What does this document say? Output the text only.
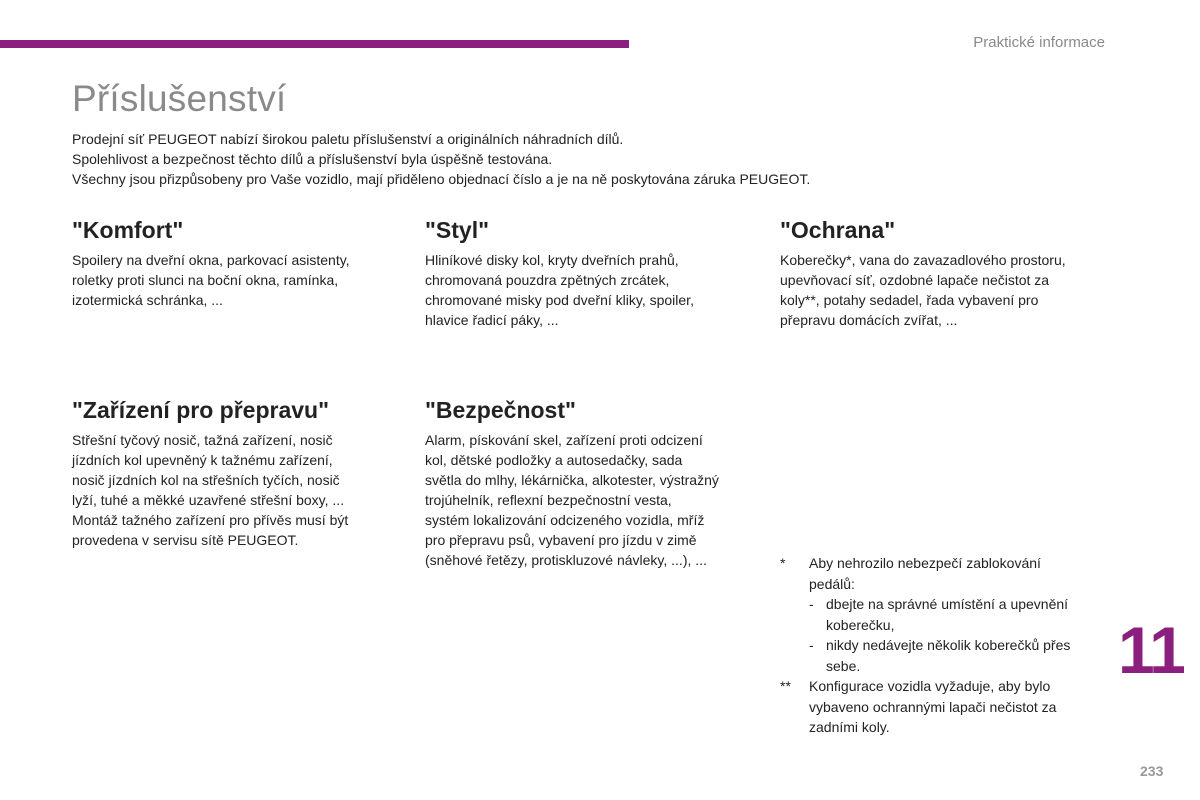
Praktické informace
Příslušenství

Prodejní síť PEUGEOT nabízí širokou paletu příslušenství a originálních náhradních dílů.

Spolehlivost a bezpečnost těchto dílů a příslušenství byla úspěšně testována.

Všechny jsou přizpůsobeny pro Vaše vozidlo, mají přiděleno objednací číslo a je na ně poskytována záruka PEUGEOT.

"Komfort"
Spoilery na dveřní okna, parkovací asistenty,
roletky proti slunci na boční okna, ramínka,
izotermická schránka, ...
"Styl"
Hliníkové disky kol, kryty dveřních prahů,
chromovaná pouzdra zpětných zrcátek,
chromované misky pod dveřní kliky, spoiler,
hlavice řadicí páky, ...
"Ochrana"
Koberečky*, vana do zavazadlového prostoru,
upevňovací síť, ozdobné lapače nečistot za
koly**, potahy sedadel, řada vybavení pro
přepravu domácích zvířat, ...
"Zařízení pro přepravu"
Střešní tyčový nosič, tažná zařízení, nosič
jízdních kol upevněný k tažnému zařízení,
nosič jízdních kol na střešních tyčích, nosič
lyží, tuhé a měkké uzavřené střešní boxy, ...
Montáž tažného zařízení pro přívěs musí být
provedena v servisu sítě PEUGEOT.
"Bezpečnost"
Alarm, pískování skel, zařízení proti odcizení
kol, dětské podložky a autosedačky, sada
světla do mlhy, lékárnička, alkotester, výstražný
trojúhelník, reflexní bezpečnostní vesta,
systém lokalizování odcizeného vozidla, mříž
pro přepravu psů, vybavení pro jízdu v zimě
(sněhové řetězy, protiskluzové návleky, ...), ...	* Aby nehrozilo nebezpečí zablokování
pedálů:
- dbejte na správné umístění a upevnění
koberečku,
- nikdy nedávejte několik koberečků přes
sebe.
** Konfigurace vozidla vyžaduje, aby bylo
vybaveno ochrannými lapači nečistot za
zadními koly.
11
233
